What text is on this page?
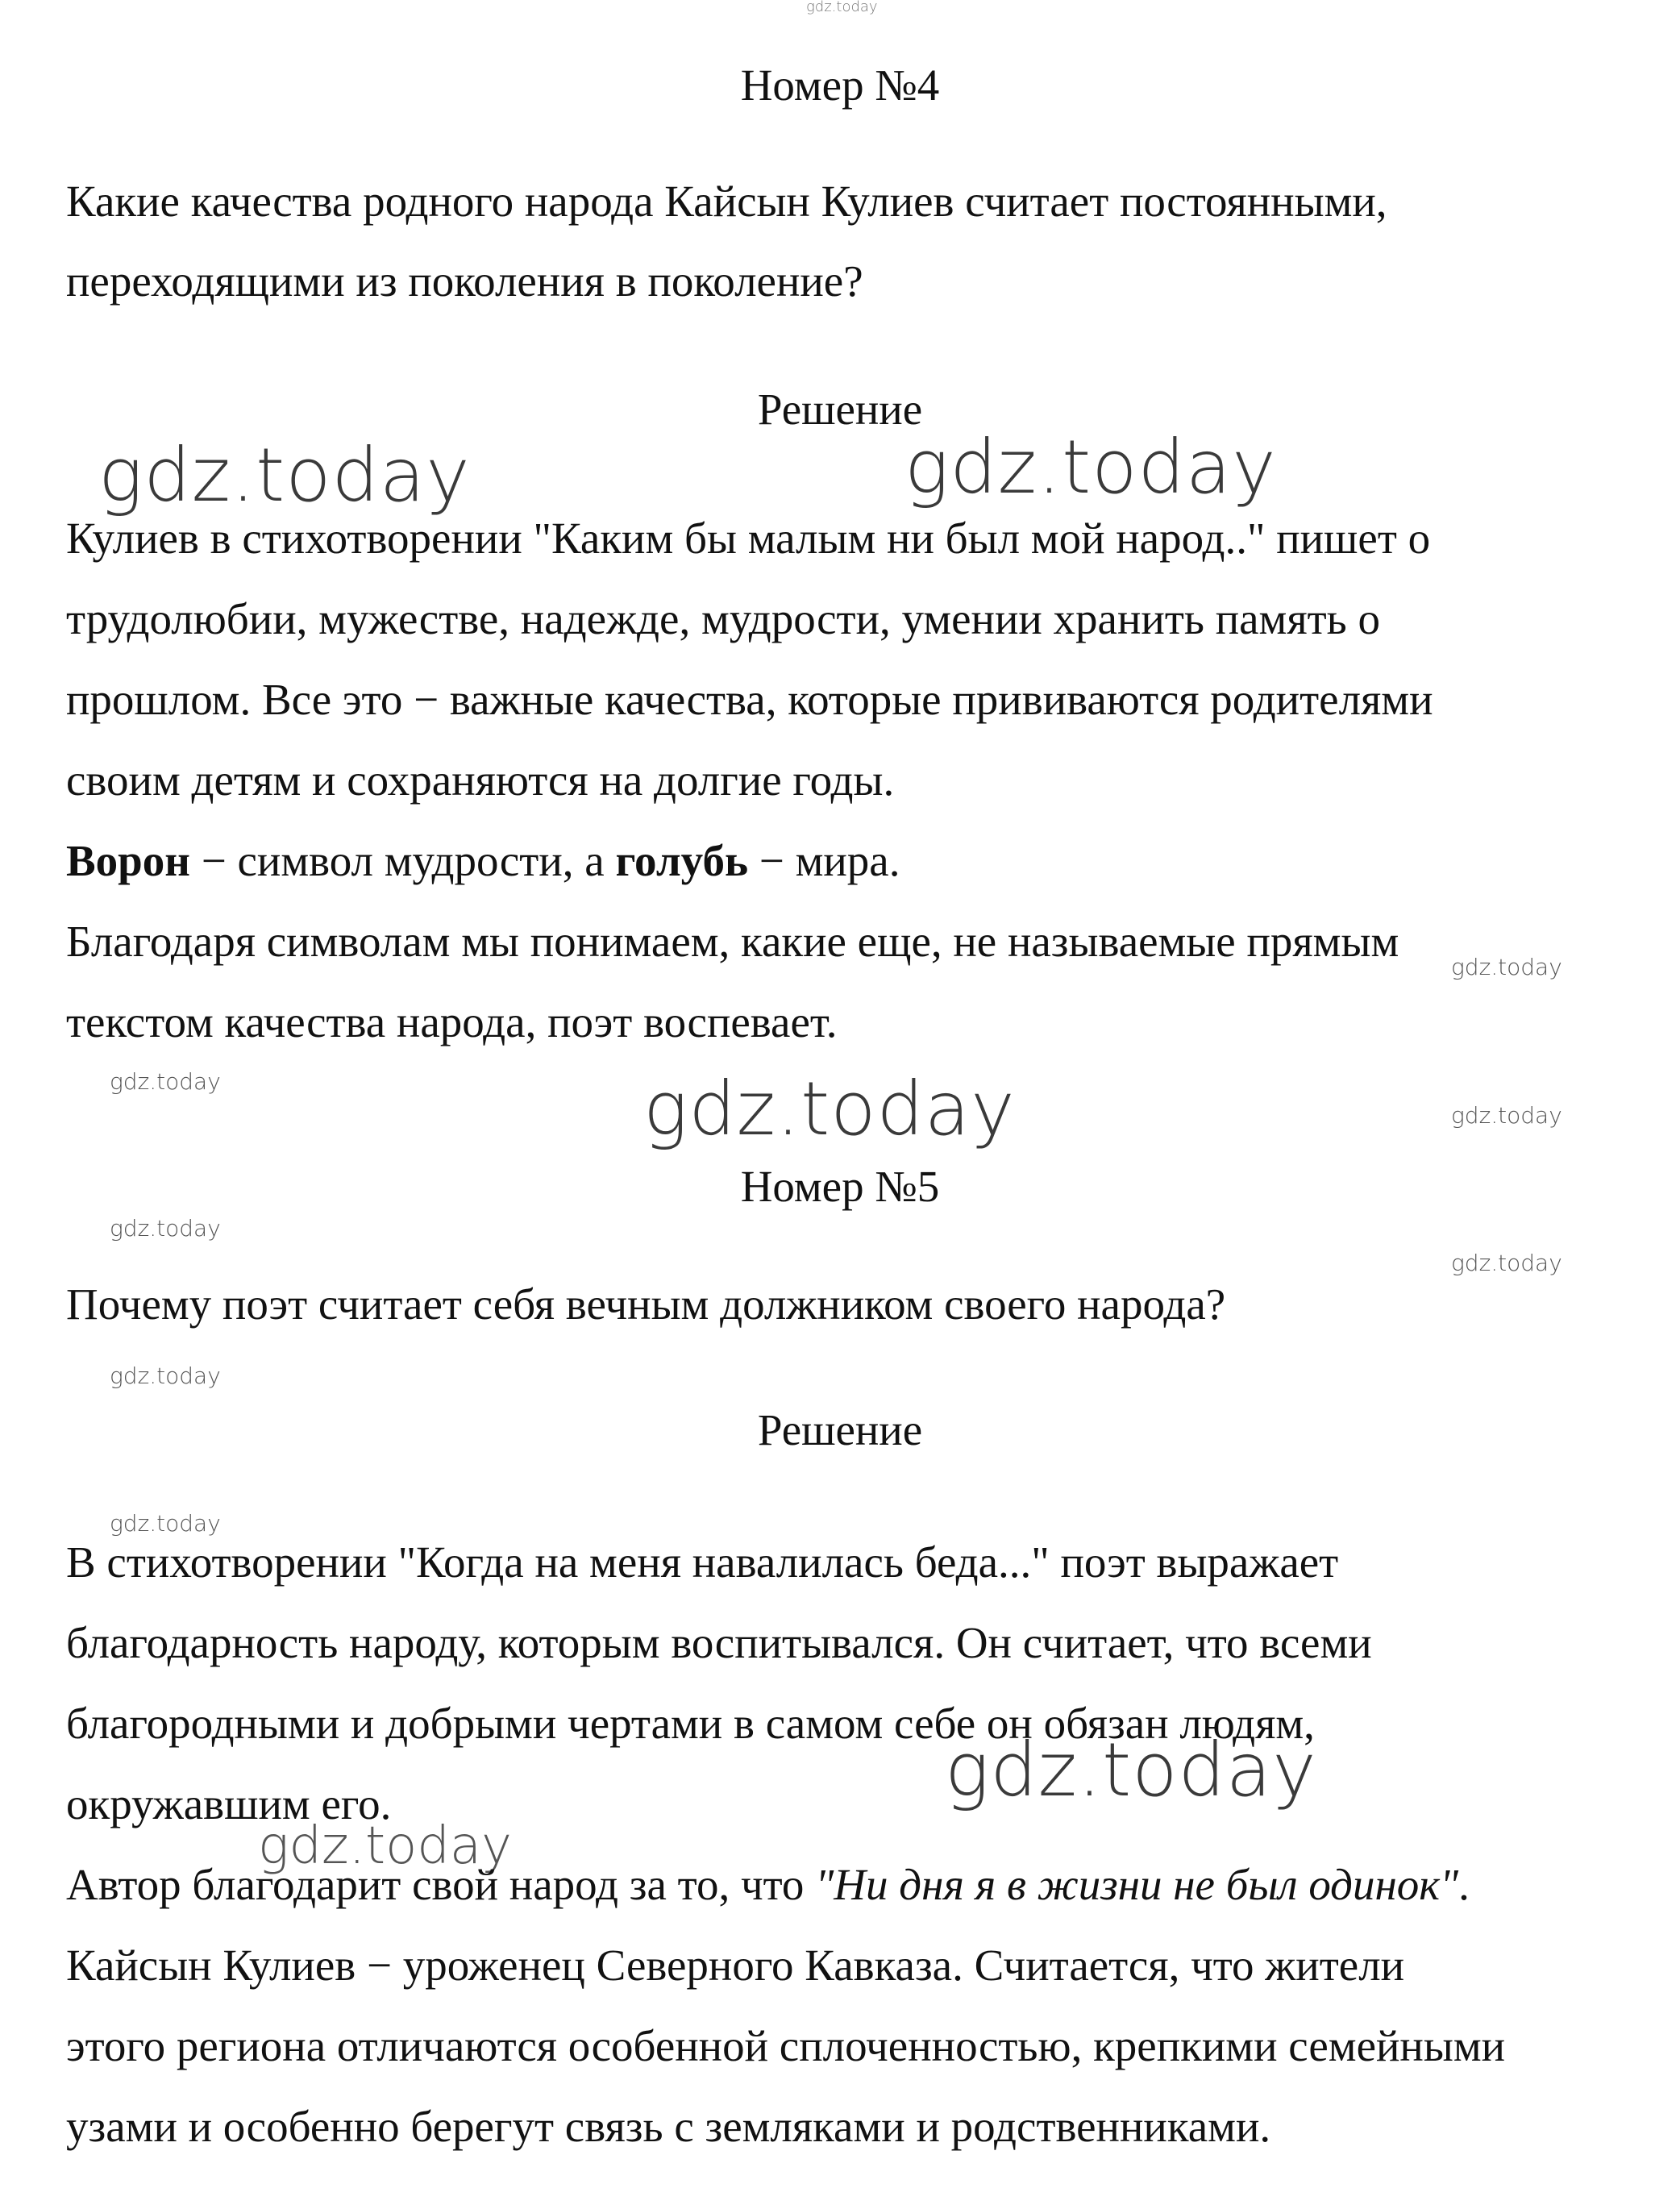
gdz.today
Номер №4
Какие качества родного народа Кайсын Кулиев считает постоянными,
переходящими из поколения в поколение?
Решение
gdz.today	gdz.today
Кулиев в стихотворении "Каким бы малым ни был мой народ.." пишет о
трудолюбии, мужестве, надежде, мудрости, умении хранить память о
прошлом. Все это − важные качества, которые прививаются родителями
своим детям и сохраняются на долгие годы.
Ворон − символ мудрости, а голубь − мира.
Благодаря символам мы понимаем, какие еще, не называемые прямым
gdz.today
текстом качества народа, поэт воспевает.
gdz.today	gdz.today	gdz.today
Номер №5
gdz.today
gdz.today
Почему поэт считает себя вечным должником своего народа?
gdz.today
Решение
gdz.today
В стихотворении "Когда на меня навалилась беда..." поэт выражает
благодарность народу, которым воспитывался. Он считает, что всеми
благородными и добрыми чертами в самом себе он обязан людям,
gdz.today
окружавшим его.
gdz.today
Автор благодарит свой народ за то, что "Ни дня я в жизни не был одинок".
Кайсын Кулиев − уроженец Северного Кавказа. Считается, что жители
этого региона отличаются особенной сплоченностью, крепкими семейными
узами и особенно берегут связь с земляками и родственниками.
